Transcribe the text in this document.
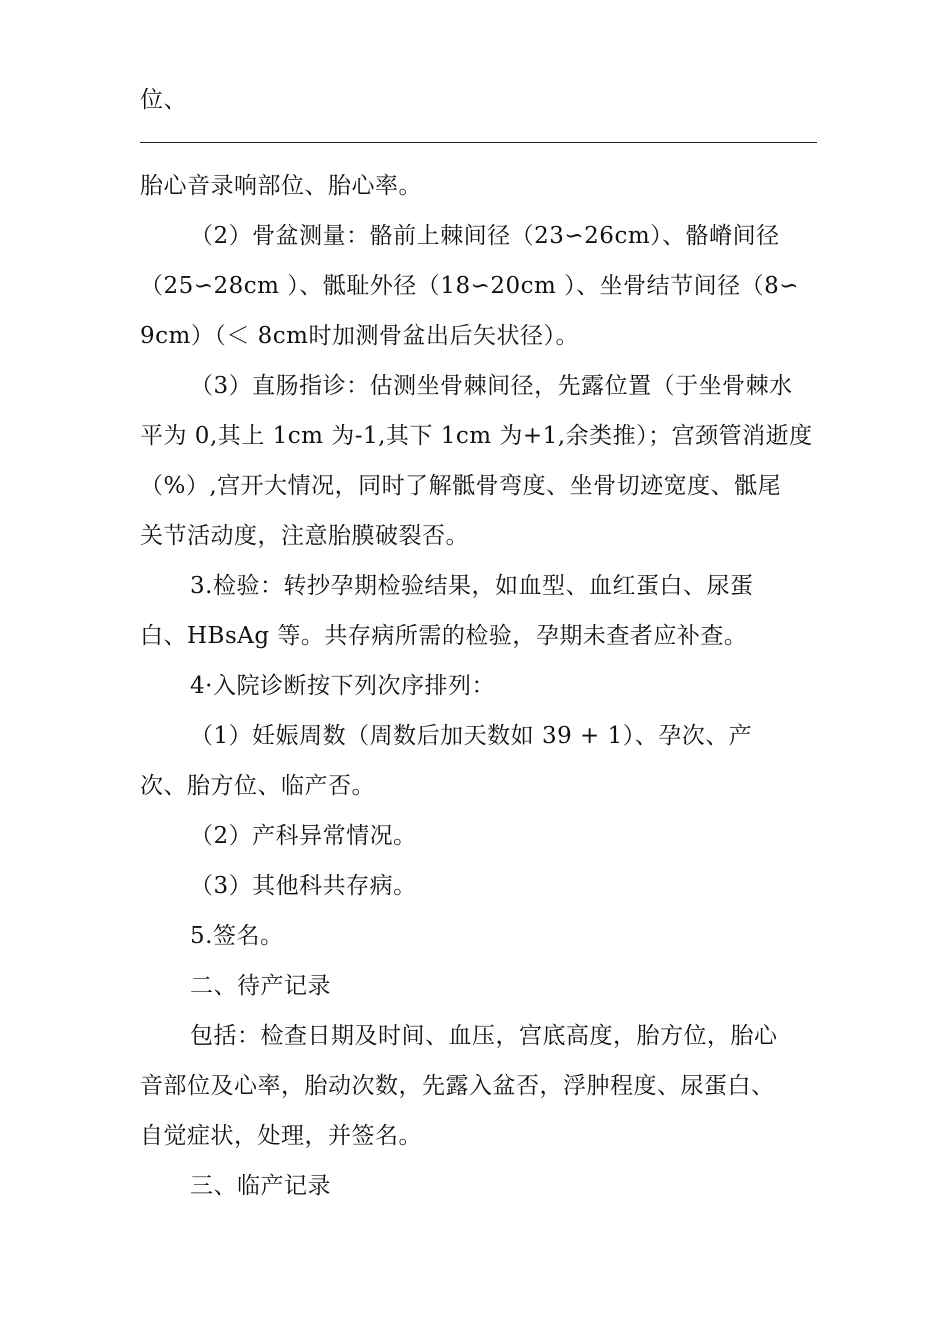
位、
胎心音录响部位、胎心率。
（2）骨盆测量：骼前上棘间径（23∽26cm）、骼嵴间径
（25∽28cm ）、骶耻外径（18∽20cm ）、坐骨结节间径（8∽
9cm）（＜ 8cm时加测骨盆出后矢状径）。
（3）直肠指诊：估测坐骨棘间径，先露位置（于坐骨棘水
平为 0,其上 1cm 为-1,其下 1cm 为+1,余类推）；宫颈管消逝度
（%）,宫开大情况，同时了解骶骨弯度、坐骨切迹宽度、骶尾
关节活动度，注意胎膜破裂否。
3.检验：转抄孕期检验结果，如血型、血红蛋白、尿蛋
白、HBsAg 等。共存病所需的检验，孕期未查者应补查。
4·入院诊断按下列次序排列：
（1）妊娠周数（周数后加天数如 39 + 1）、孕次、产
次、胎方位、临产否。
（2）产科异常情况。
（3）其他科共存病。
5.签名。
二、待产记录
包括：检查日期及时间、血压，宫底高度，胎方位，胎心
音部位及心率，胎动次数，先露入盆否，浮肿程度、尿蛋白、
自觉症状，处理，并签名。
三、临产记录
